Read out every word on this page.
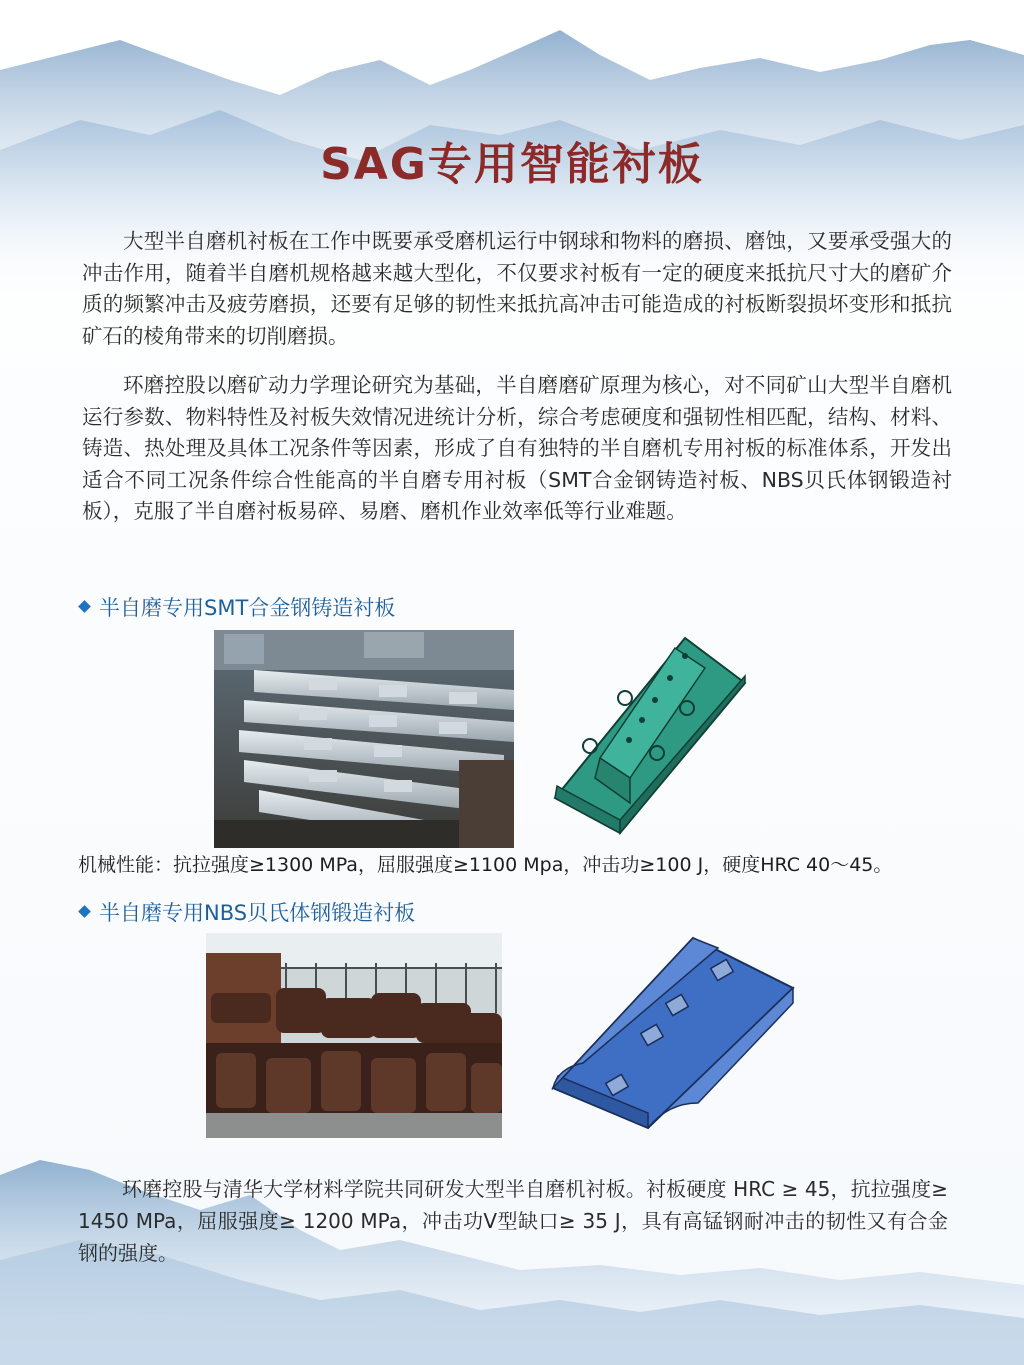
SAG专用智能衬板

大型半自磨机衬板在工作中既要承受磨机运行中钢球和物料的磨损、磨蚀，又要承受强大的冲击作用，随着半自磨机规格越来越大型化，不仅要求衬板有一定的硬度来抵抗尺寸大的磨矿介质的频繁冲击及疲劳磨损，还要有足够的韧性来抵抗高冲击可能造成的衬板断裂损坏变形和抵抗矿石的棱角带来的切削磨损。

环磨控股以磨矿动力学理论研究为基础，半自磨磨矿原理为核心，对不同矿山大型半自磨机运行参数、物料特性及衬板失效情况进统计分析，综合考虑硬度和强韧性相匹配，结构、材料、铸造、热处理及具体工况条件等因素，形成了自有独特的半自磨机专用衬板的标准体系，开发出适合不同工况条件综合性能高的半自磨专用衬板（SMT合金钢铸造衬板、NBS贝氏体钢锻造衬板），克服了半自磨衬板易碎、易磨、磨机作业效率低等行业难题。

半自磨专用SMT合金钢铸造衬板

机械性能：抗拉强度≥1300 MPa，屈服强度≥1100 Mpa，冲击功≥100 J，硬度HRC 40～45。

半自磨专用NBS贝氏体钢锻造衬板

环磨控股与清华大学材料学院共同研发大型半自磨机衬板。衬板硬度 HRC ≥ 45，抗拉强度≥ 1450 MPa，屈服强度≥ 1200 MPa，冲击功V型缺口≥ 35 J，具有高锰钢耐冲击的韧性又有合金钢的强度。
